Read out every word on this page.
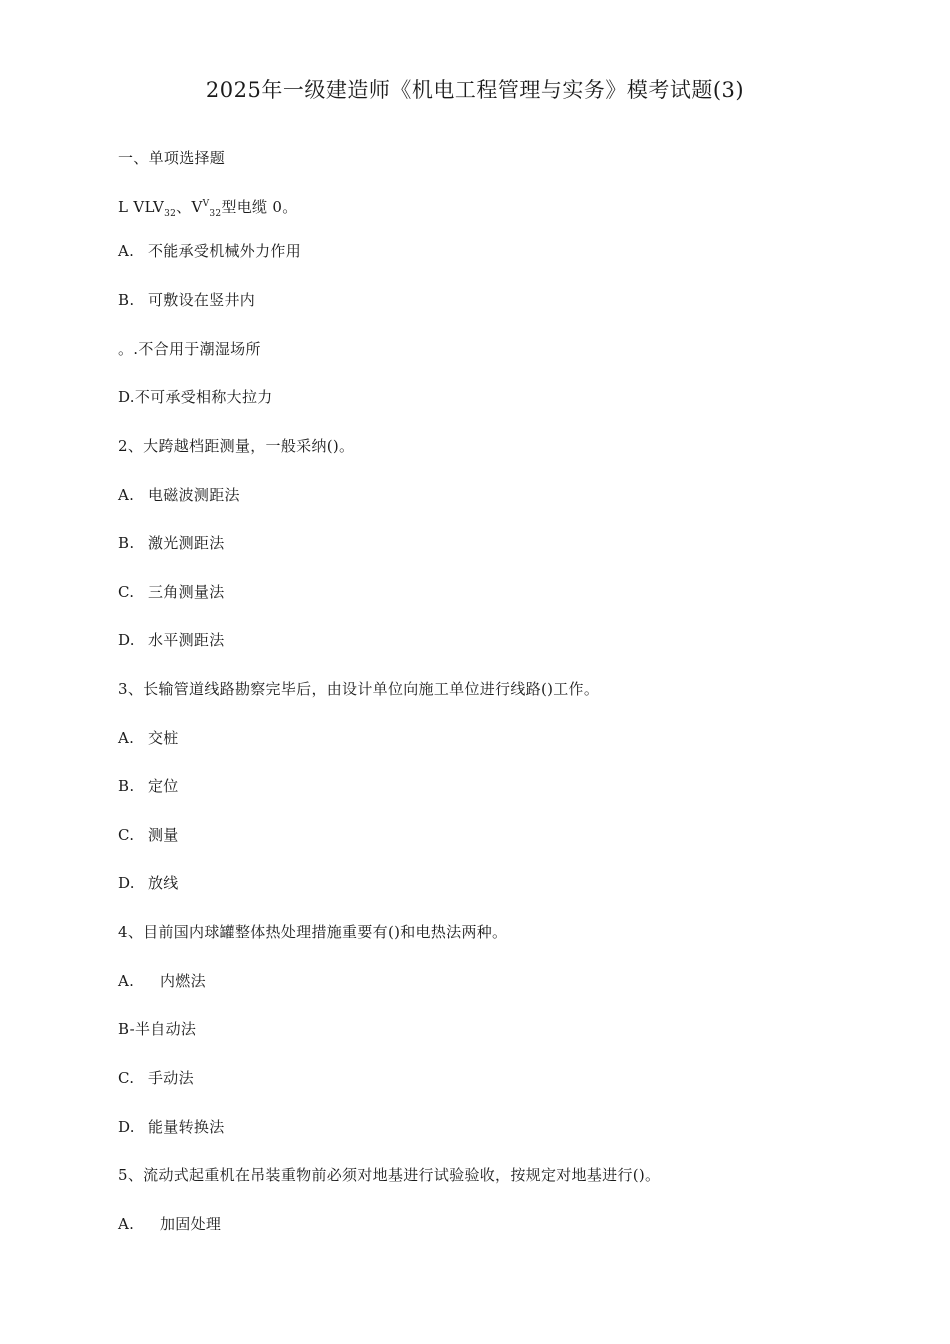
2025年一级建造师《机电工程管理与实务》模考试题(3)
一、单项选择题
L $VLV_{32}$、$V^V_{32}$型电缆 0。
A. 不能承受机械外力作用
B. 可敷设在竖井内
。.不合用于潮湿场所
D.不可承受相称大拉力
2、大跨越档距测量，一般采纳()。
A. 电磁波测距法
B. 激光测距法
C. 三角测量法
D. 水平测距法
3、长输管道线路勘察完毕后，由设计单位向施工单位进行线路()工作。
A. 交桩
B. 定位
C. 测量
D. 放线
4、目前国内球罐整体热处理措施重要有()和电热法两种。
A. 内燃法
B-半自动法
C. 手动法
D. 能量转换法
5、流动式起重机在吊装重物前必须对地基进行试验验收，按规定对地基进行()。
A. 加固处理
